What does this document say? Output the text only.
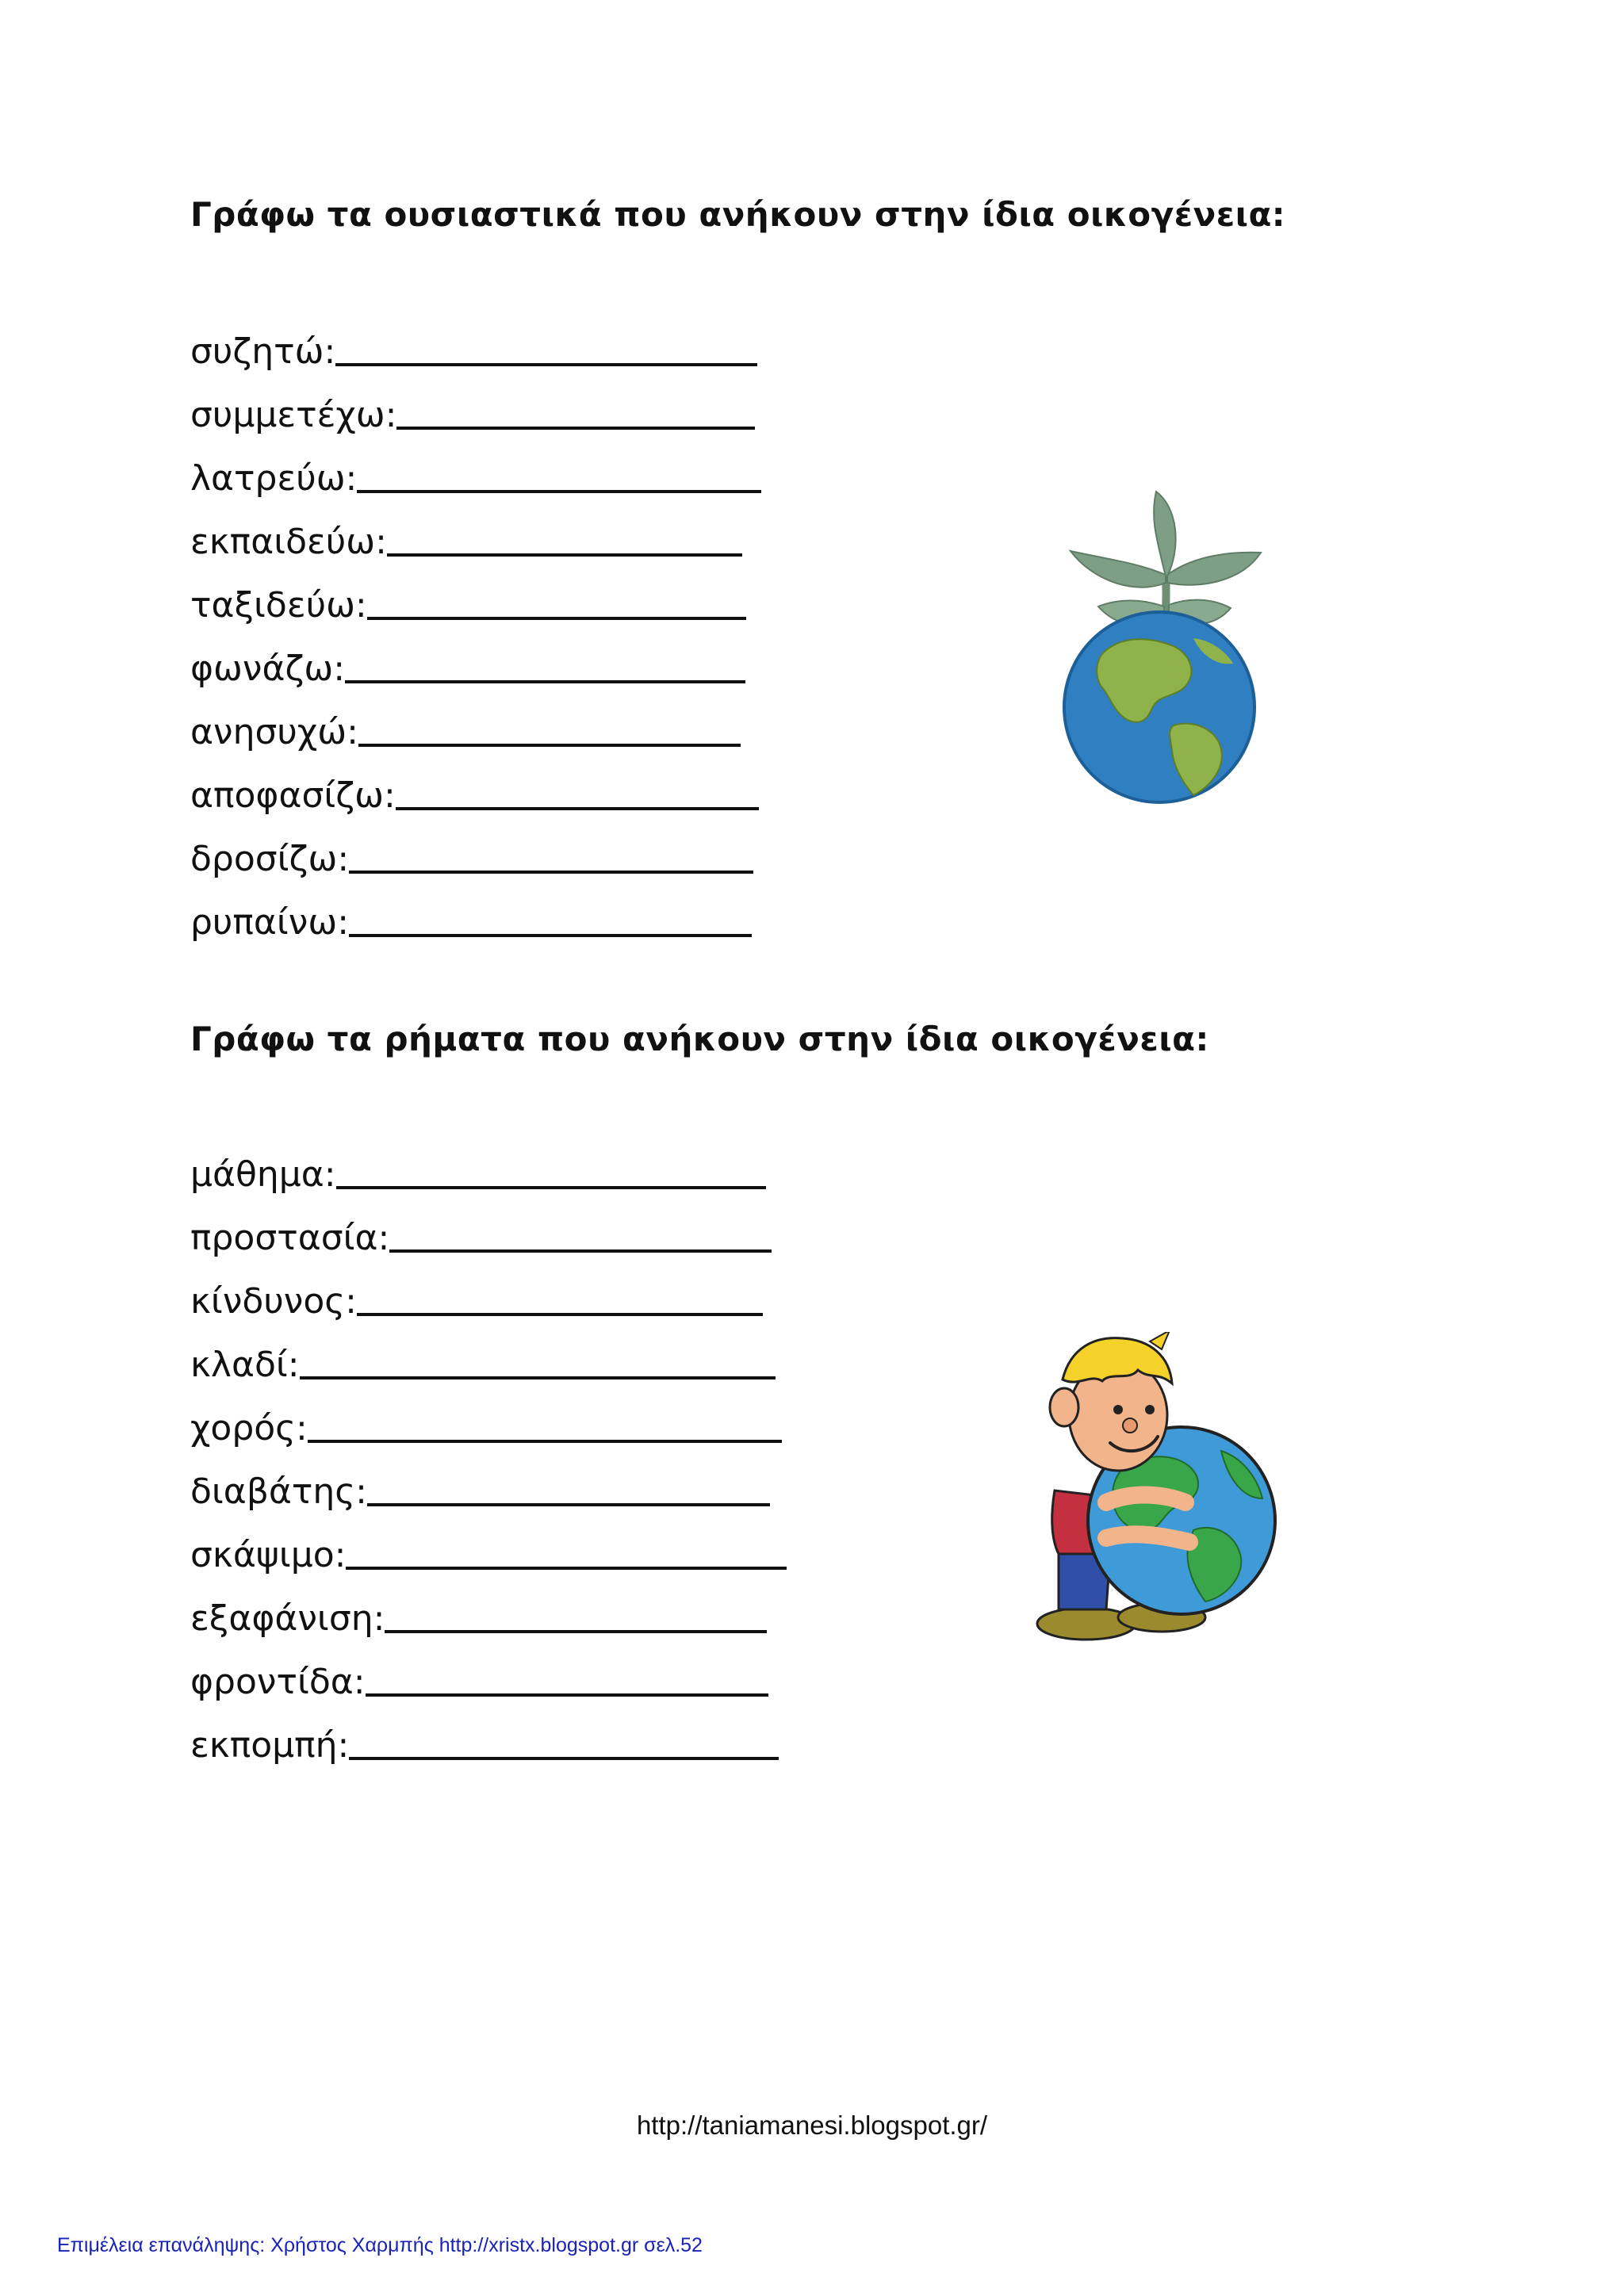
Γράφω τα ουσιαστικά που ανήκουν στην ίδια οικογένεια:
συζητώ:
συμμετέχω:
λατρεύω:
εκπαιδεύω:
ταξιδεύω:
φωνάζω:
ανησυχώ:
αποφασίζω:
δροσίζω:
ρυπαίνω:
Γράφω τα ρήματα που ανήκουν στην ίδια οικογένεια:
μάθημα:
προστασία:
κίνδυνος:
κλαδί:
χορός:
διαβάτης:
σκάψιμο:
εξαφάνιση:
φροντίδα:
εκπομπή:
http://taniamanesi.blogspot.gr/
Επιμέλεια επανάληψης: Χρήστος Χαρμπής http://xristx.blogspot.gr σελ.52
